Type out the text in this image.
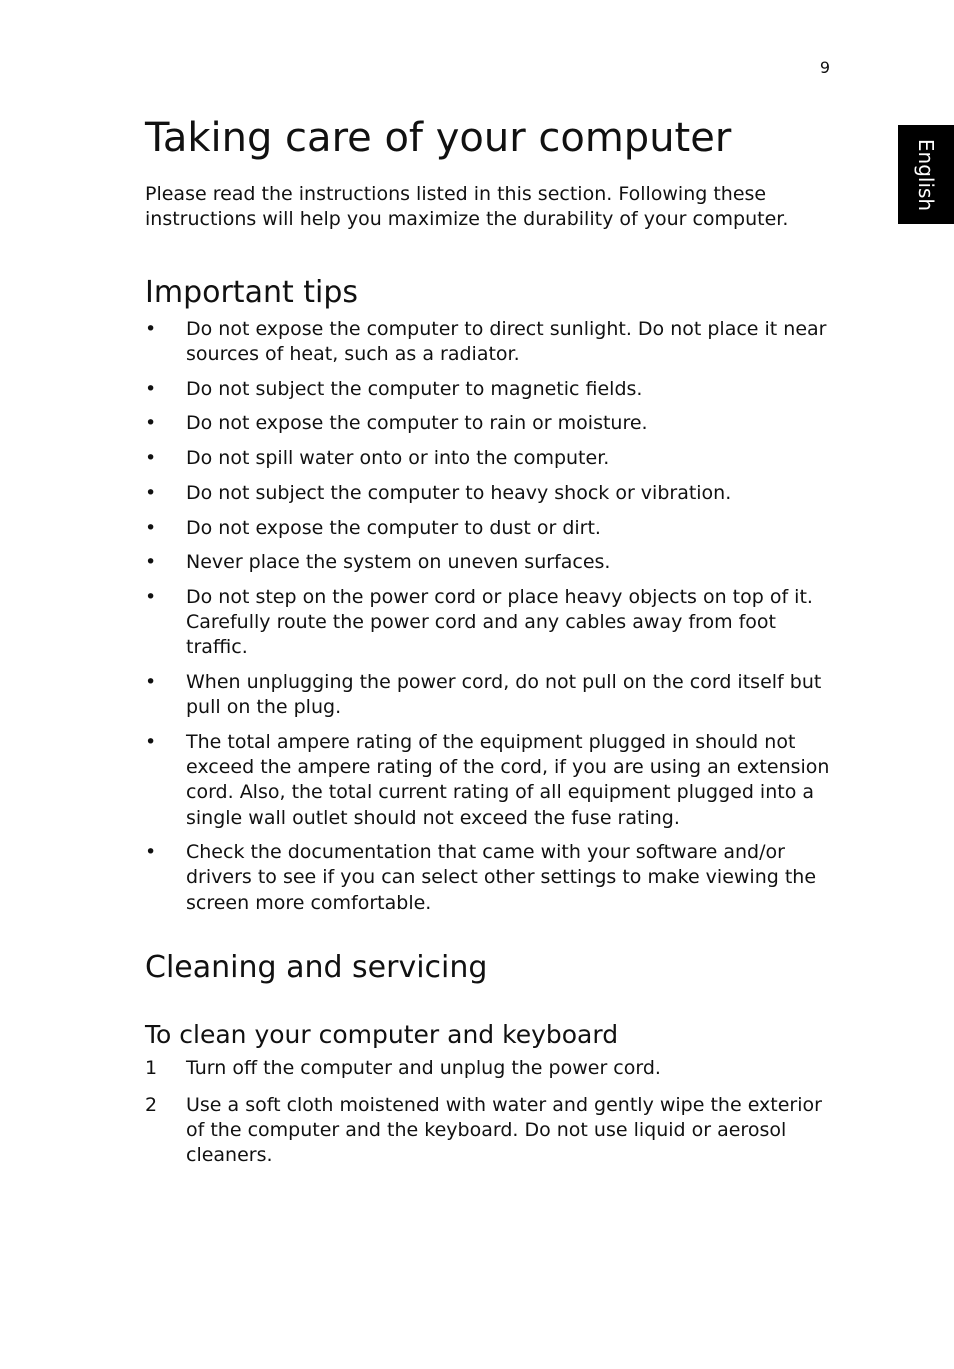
9
English
Taking care of your computer

Please read the instructions listed in this section. Following these instructions will help you maximize the durability of your computer.

Important tips
•	Do not expose the computer to direct sunlight. Do not place it near sources of heat, such as a radiator.
•	Do not subject the computer to magnetic fields.
•	Do not expose the computer to rain or moisture.
•	Do not spill water onto or into the computer.
•	Do not subject the computer to heavy shock or vibration.
•	Do not expose the computer to dust or dirt.
•	Never place the system on uneven surfaces.
•	Do not step on the power cord or place heavy objects on top of it. Carefully route the power cord and any cables away from foot traffic.
•	When unplugging the power cord, do not pull on the cord itself but pull on the plug.
•	The total ampere rating of the equipment plugged in should not exceed the ampere rating of the cord, if you are using an extension cord. Also, the total current rating of all equipment plugged into a single wall outlet should not exceed the fuse rating.
•	Check the documentation that came with your software and/or drivers to see if you can select other settings to make viewing the screen more comfortable.
Cleaning and servicing
To clean your computer and keyboard
1	Turn off the computer and unplug the power cord.
2	Use a soft cloth moistened with water and gently wipe the exterior of the computer and the keyboard. Do not use liquid or aerosol cleaners.
